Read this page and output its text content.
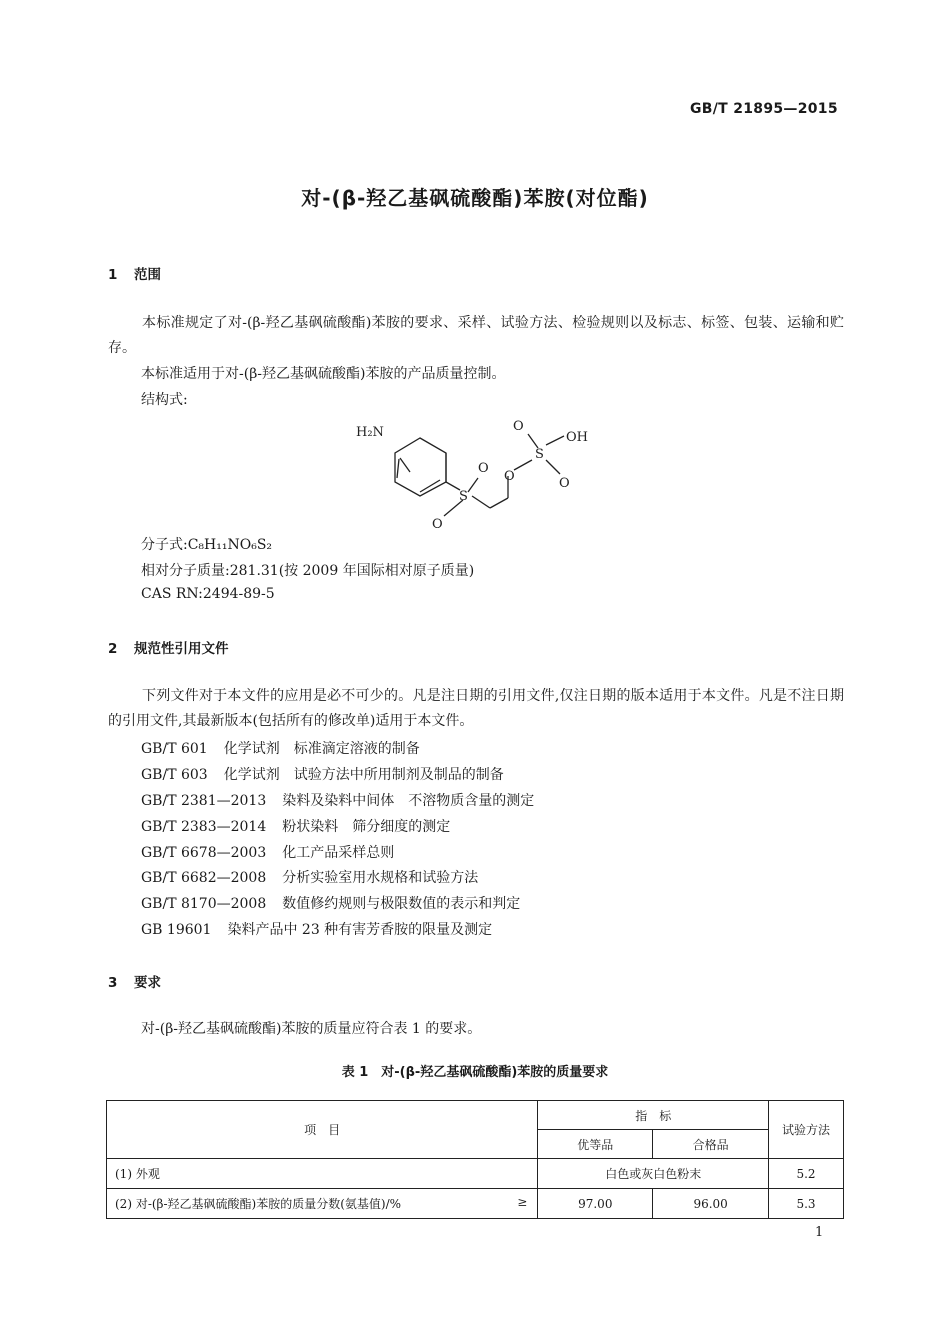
GB/T 21895—2015
对-(β-羟乙基砜硫酸酯)苯胺(对位酯)
1 范围
本标准规定了对-(β-羟乙基砜硫酸酯)苯胺的要求、采样、试验方法、检验规则以及标志、标签、包装、运输和贮存。
本标准适用于对-(β-羟乙基砜硫酸酯)苯胺的产品质量控制。
结构式:
H₂N
O
O
S
O
S
O
OH
O
分子式:C₈H₁₁NO₆S₂
相对分子质量:281.31(按 2009 年国际相对原子质量)
CAS RN:2494-89-5
2 规范性引用文件
下列文件对于本文件的应用是必不可少的。凡是注日期的引用文件,仅注日期的版本适用于本文件。凡是不注日期的引用文件,其最新版本(包括所有的修改单)适用于本文件。
GB/T 601 化学试剂　标准滴定溶液的制备
GB/T 603 化学试剂　试验方法中所用制剂及制品的制备
GB/T 2381—2013 染料及染料中间体　不溶物质含量的测定
GB/T 2383—2014 粉状染料　筛分细度的测定
GB/T 6678—2003 化工产品采样总则
GB/T 6682—2008 分析实验室用水规格和试验方法
GB/T 8170—2008 数值修约规则与极限数值的表示和判定
GB 19601 染料产品中 23 种有害芳香胺的限量及测定
3 要求
对-(β-羟乙基砜硫酸酯)苯胺的质量应符合表 1 的要求。
表 1　对-(β-羟乙基砜硫酸酯)苯胺的质量要求
项　目	指　标		试验方法
	优等品	合格品	
(1) 外观	白色或灰白色粉末		5.2
(2) 对-(β-羟乙基砜硫酸酯)苯胺的质量分数(氨基值)/% ≥	97.00	96.00	5.3
1
